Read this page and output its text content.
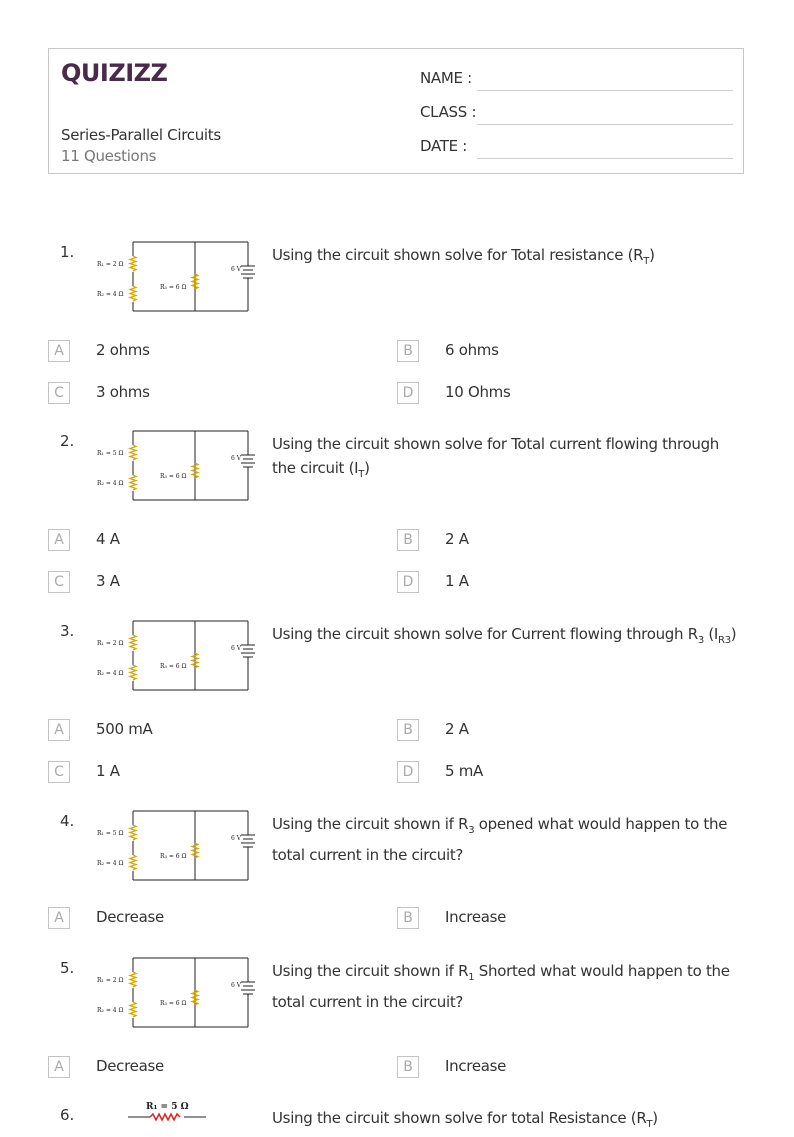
QUIZIZZ
Series-Parallel Circuits
11 Questions
NAME :
CLASS :
DATE :
1.
R₁ = 2 Ω
R₂ = 4 Ω
R₃ = 6 Ω
6 V
Using the circuit shown solve for Total resistance $(R_T)$
A	2 ohms	B	6 ohms
C	3 ohms	D	10 Ohms
2.
R₁ = 5 Ω
R₂ = 4 Ω
R₃ = 6 Ω
6 V
Using the circuit shown solve for Total current flowing through the circuit $(I_T)$
A	4 A	B	2 A
C	3 A	D	1 A
3.
R₁ = 2 Ω
R₂ = 4 Ω
R₃ = 6 Ω
6 V
Using the circuit shown solve for Current flowing through $R_3$ $(I_{R3})$
A	500 mA	B	2 A
C	1 A	D	5 mA
4.
R₁ = 5 Ω
R₂ = 4 Ω
R₃ = 6 Ω
6 V
Using the circuit shown if $R_3$ opened what would happen to the total current in the circuit?
A	Decrease	B	Increase
5.
R₁ = 2 Ω
R₂ = 4 Ω
R₃ = 6 Ω
6 V
Using the circuit shown if $R_1$ Shorted what would happen to the total current in the circuit?
A	Decrease	B	Increase
6.	R₁ = 5 Ω
Using the circuit shown solve for total Resistance $(R_T)$
